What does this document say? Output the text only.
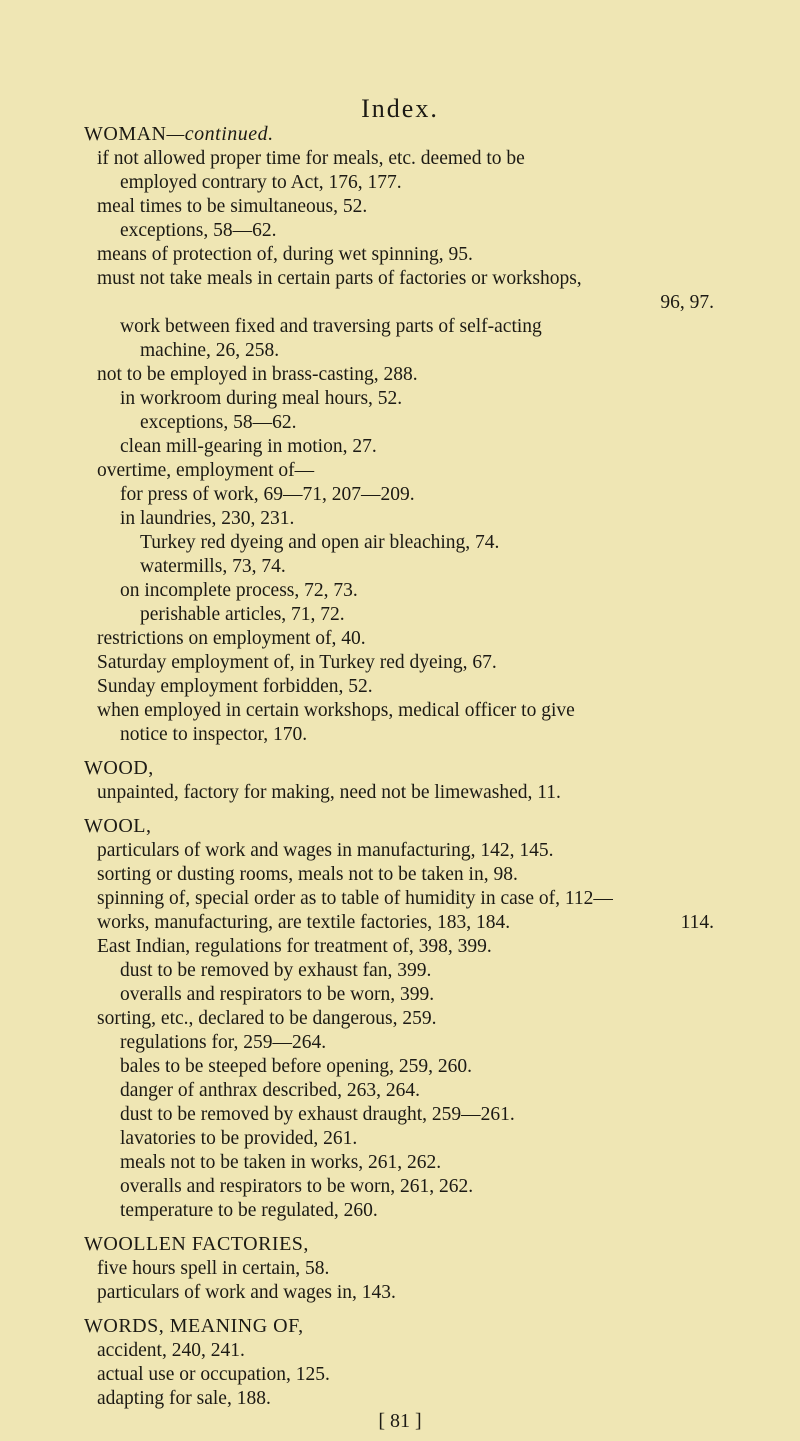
Index.
WOMAN—continued.
if not allowed proper time for meals, etc. deemed to be
employed contrary to Act, 176, 177.
meal times to be simultaneous, 52.
exceptions, 58—62.
means of protection of, during wet spinning, 95.
must not take meals in certain parts of factories or workshops,
96, 97.
work between fixed and traversing parts of self-acting
machine, 26, 258.
not to be employed in brass-casting, 288.
in workroom during meal hours, 52.
exceptions, 58—62.
clean mill-gearing in motion, 27.
overtime, employment of—
for press of work, 69—71, 207—209.
in laundries, 230, 231.
Turkey red dyeing and open air bleaching, 74.
watermills, 73, 74.
on incomplete process, 72, 73.
perishable articles, 71, 72.
restrictions on employment of, 40.
Saturday employment of, in Turkey red dyeing, 67.
Sunday employment forbidden, 52.
when employed in certain workshops, medical officer to give
notice to inspector, 170.
WOOD,
unpainted, factory for making, need not be limewashed, 11.
WOOL,
particulars of work and wages in manufacturing, 142, 145.
sorting or dusting rooms, meals not to be taken in, 98.
spinning of, special order as to table of humidity in case of, 112—
114.
works, manufacturing, are textile factories, 183, 184.
East Indian, regulations for treatment of, 398, 399.
dust to be removed by exhaust fan, 399.
overalls and respirators to be worn, 399.
sorting, etc., declared to be dangerous, 259.
regulations for, 259—264.
bales to be steeped before opening, 259, 260.
danger of anthrax described, 263, 264.
dust to be removed by exhaust draught, 259—261.
lavatories to be provided, 261.
meals not to be taken in works, 261, 262.
overalls and respirators to be worn, 261, 262.
temperature to be regulated, 260.
WOOLLEN FACTORIES,
five hours spell in certain, 58.
particulars of work and wages in, 143.
WORDS, MEANING OF,
accident, 240, 241.
actual use or occupation, 125.
adapting for sale, 188.
[ 81 ]
